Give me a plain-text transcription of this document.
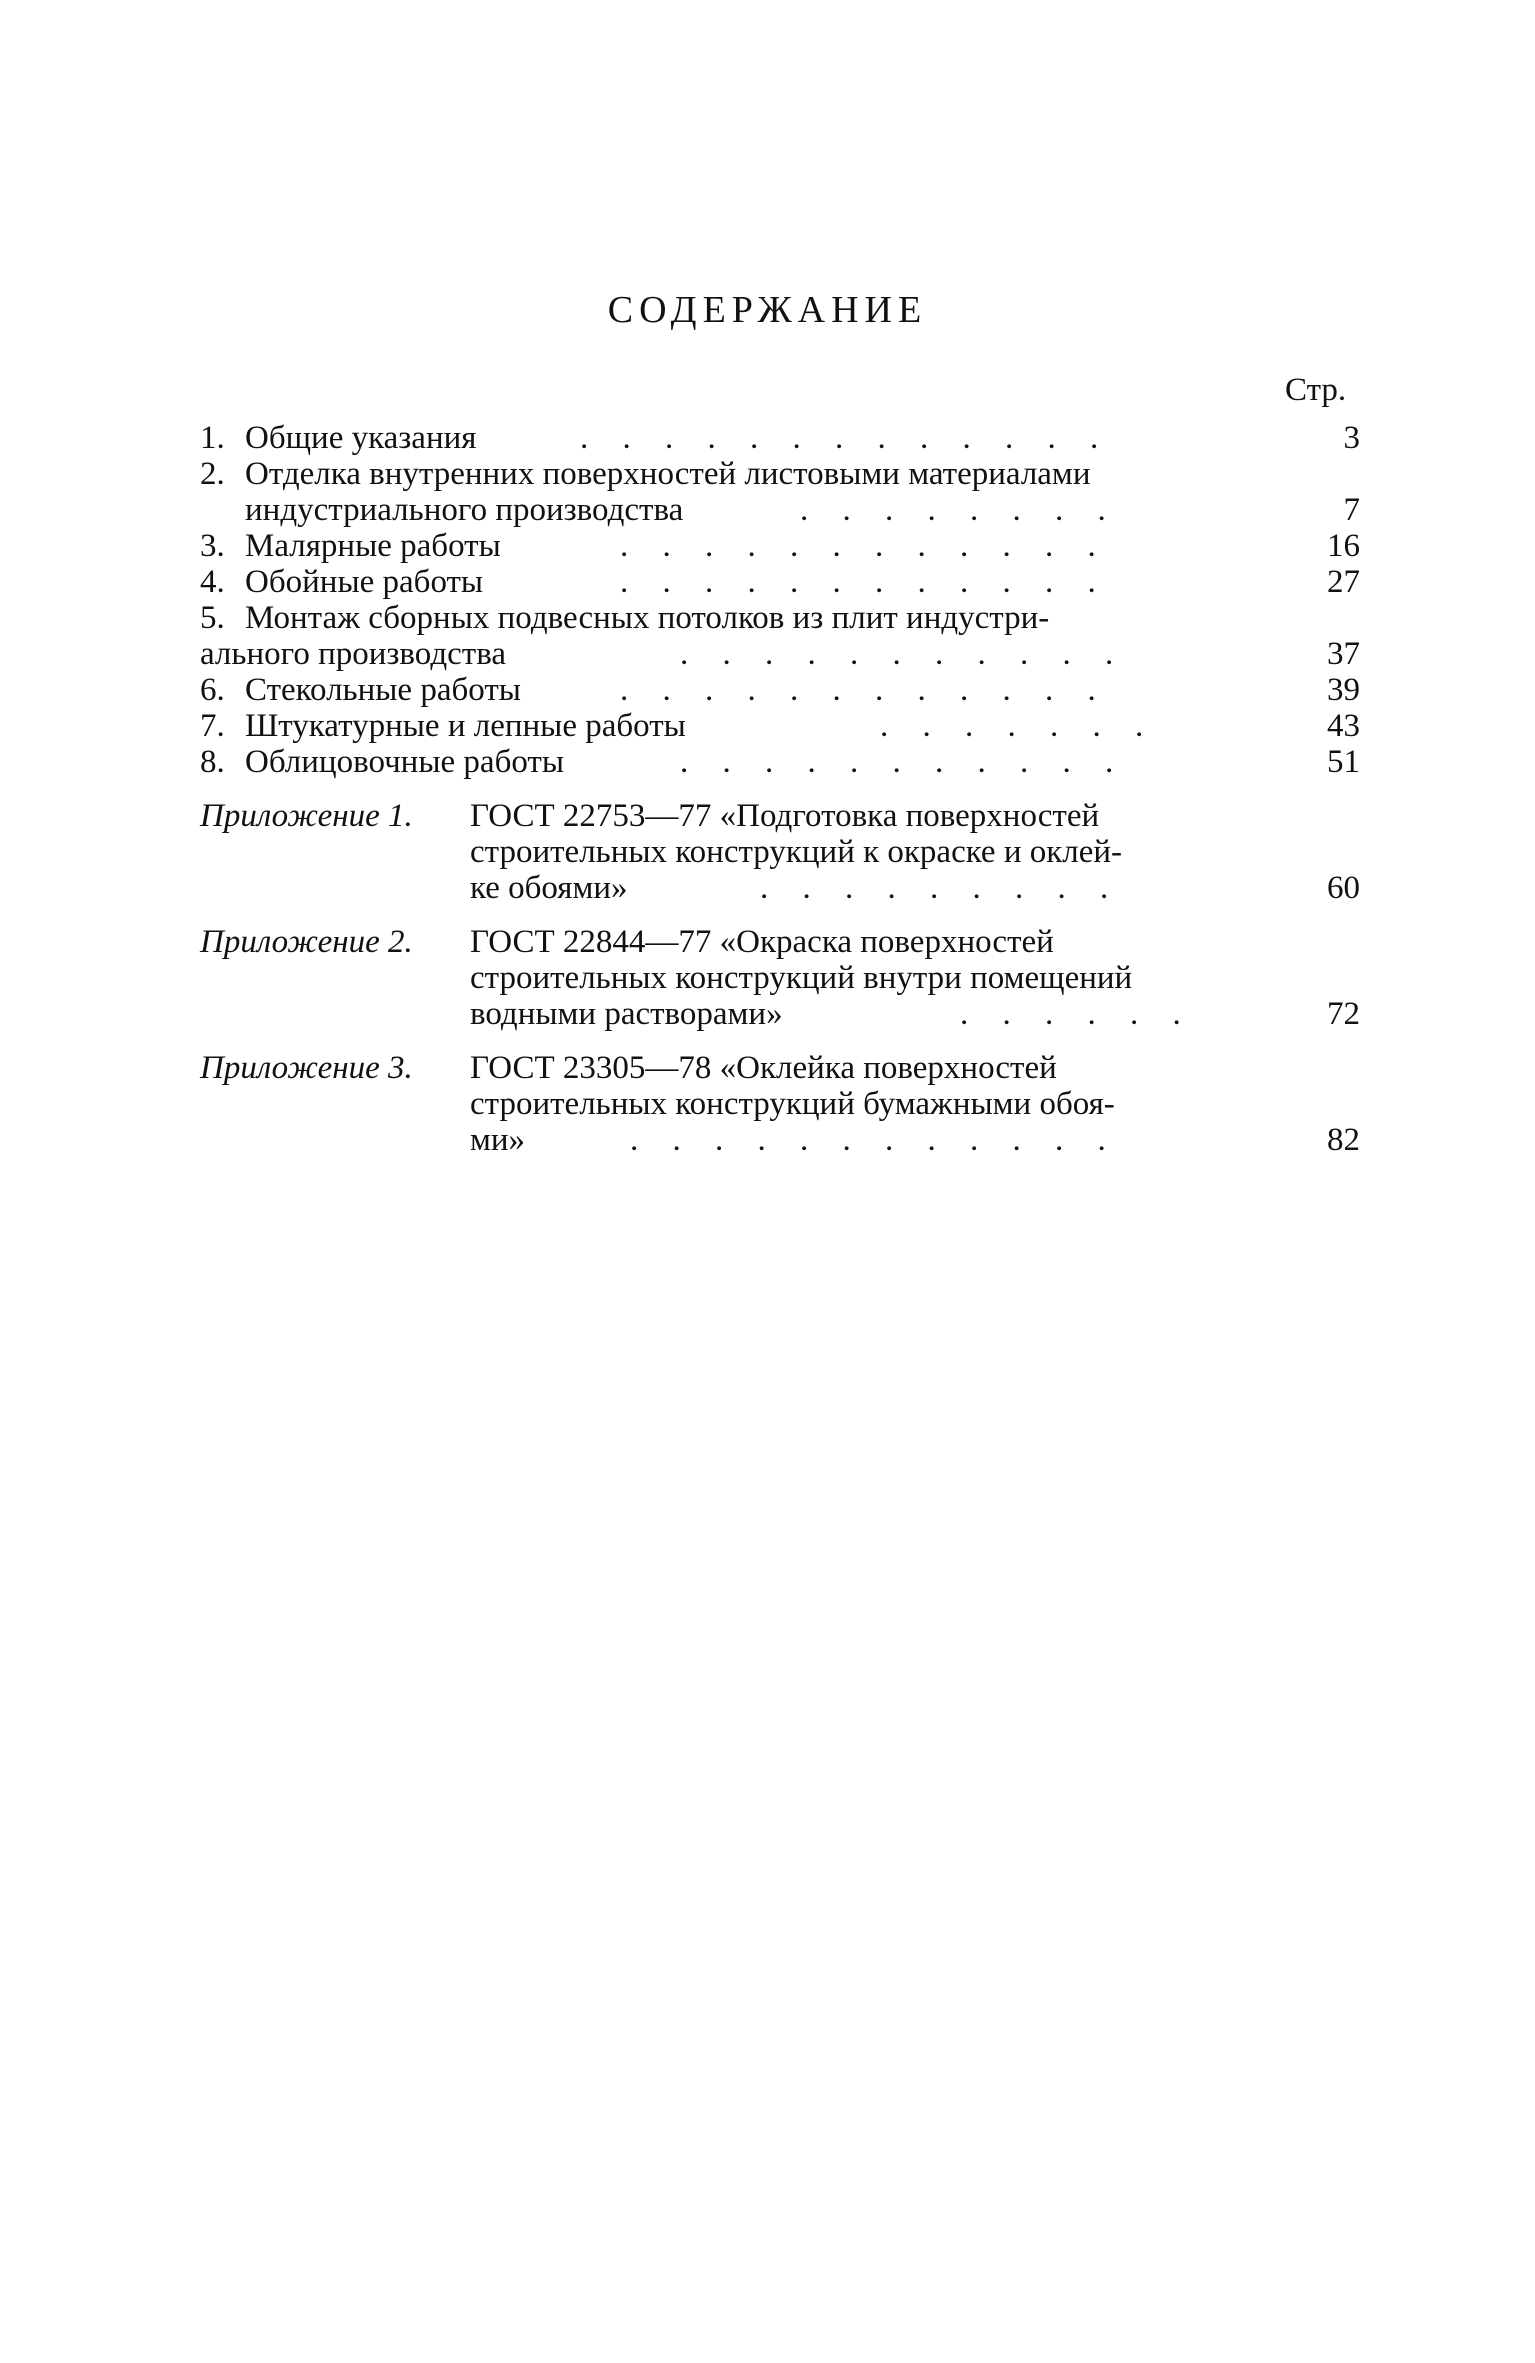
СОДЕРЖАНИЕ
Стр.
1. Общие указания	. . . . . . . . . . . . .	3
2. Отделка внутренних поверхностей листовыми материалами
индустриального производства	. . . . . . . .	7
3. Малярные работы	. . . . . . . . . . . .	16
4. Обойные работы	. . . . . . . . . . . .	27
5. Монтаж сборных подвесных потолков из плит индустри-
ального производства	. . . . . . . . . . .	37
6. Стекольные работы	. . . . . . . . . . . .	39
7. Штукатурные и лепные работы	. . . . . . .	43
8. Облицовочные работы	. . . . . . . . . . .	51
Приложение 1. ГОСТ 22753—77 «Подготовка поверхностей
строительных конструкций к окраске и оклей-
ке обоями»	. . . . . . . . .	60
Приложение 2. ГОСТ 22844—77 «Окраска поверхностей
строительных конструкций внутри помещений
водными растворами»	. . . . . .	72
Приложение 3. ГОСТ 23305—78 «Оклейка поверхностей
строительных конструкций бумажными обоя-
ми»	. . . . . . . . . . . .	82
